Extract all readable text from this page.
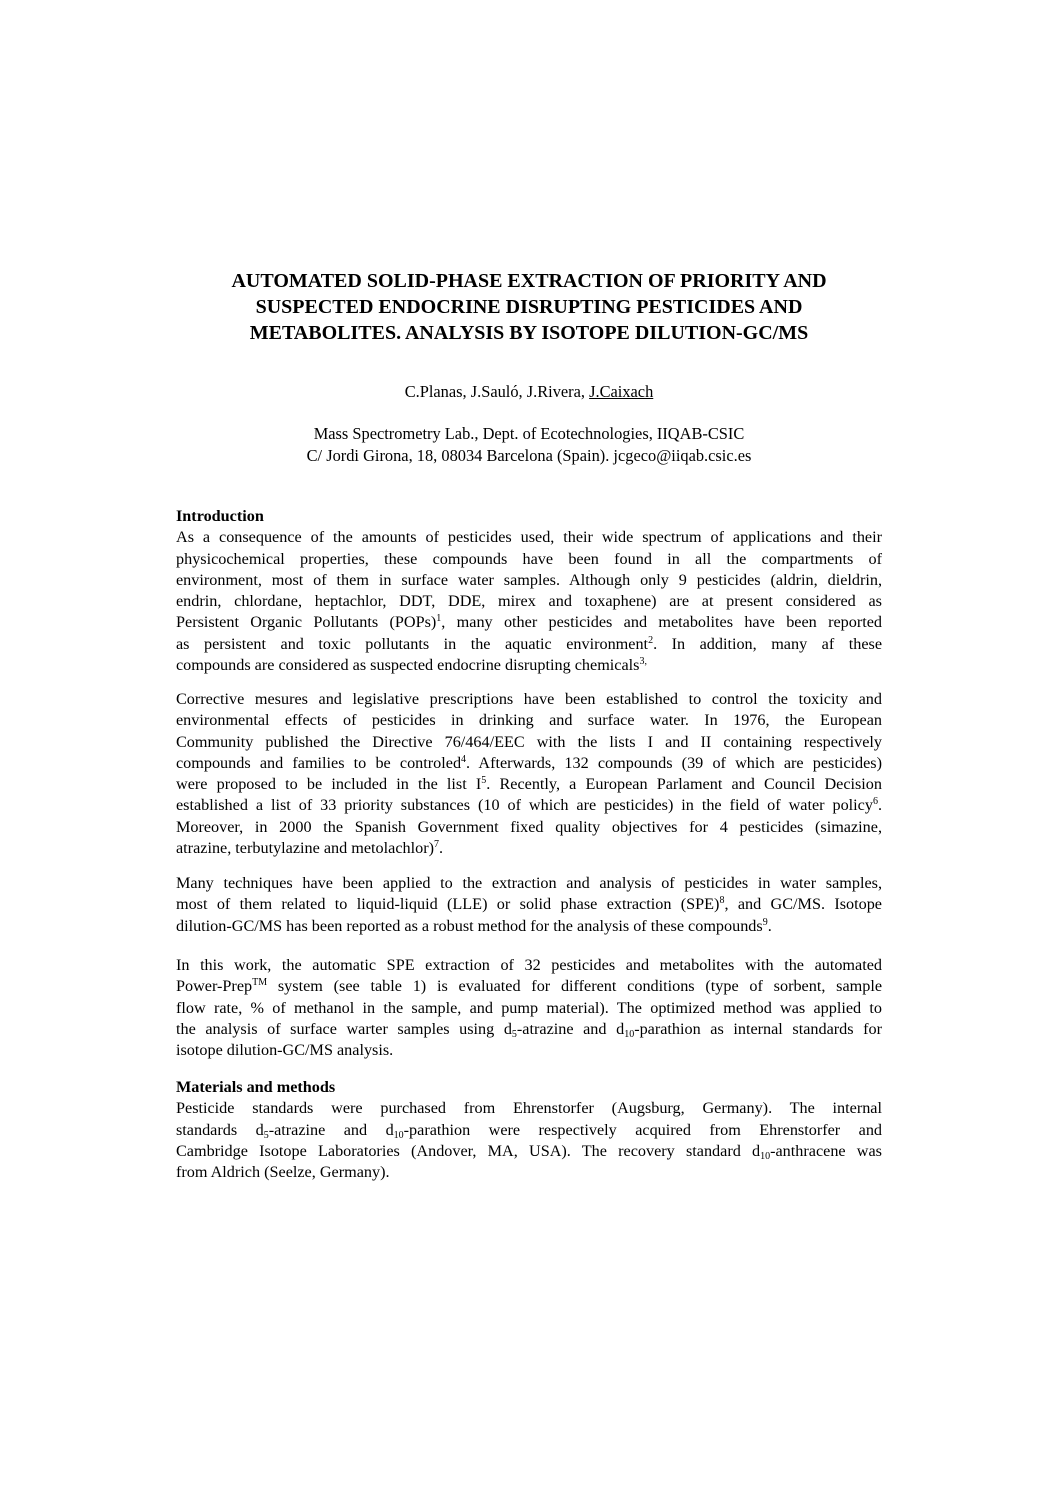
AUTOMATED SOLID-PHASE EXTRACTION OF PRIORITY AND
SUSPECTED ENDOCRINE DISRUPTING PESTICIDES AND
METABOLITES. ANALYSIS BY ISOTOPE DILUTION-GC/MS
C.Planas, J.Sauló, J.Rivera, J.Caixach
Mass Spectrometry Lab., Dept. of Ecotechnologies, IIQAB-CSIC
C/ Jordi Girona, 18, 08034 Barcelona (Spain). jcgeco@iiqab.csic.es
Introduction
As a consequence of the amounts of pesticides used, their wide spectrum of applications and their
physicochemical properties, these compounds have been found in all the compartments of
environment, most of them in surface water samples. Although only 9 pesticides (aldrin, dieldrin,
endrin, chlordane, heptachlor, DDT, DDE, mirex and toxaphene) are at present considered as
Persistent Organic Pollutants (POPs)$^1$, many other pesticides and metabolites have been reported
as persistent and toxic pollutants in the aquatic environment$^2$. In addition, many af these
compounds are considered as suspected endocrine disrupting chemicals$^{3,}$
Corrective mesures and legislative prescriptions have been established to control the toxicity and
environmental effects of pesticides in drinking and surface water. In 1976, the European
Community published the Directive 76/464/EEC with the lists I and II containing respectively
compounds and families to be controled$^4$. Afterwards, 132 compounds (39 of which are pesticides)
were proposed to be included in the list $I^5$. Recently, a European Parlament and Council Decision
established a list of 33 priority substances (10 of which are pesticides) in the field of water policy$^6$.
Moreover, in 2000 the Spanish Government fixed quality objectives for 4 pesticides (simazine,
atrazine, terbutylazine and metolachlor)$^7$.
Many techniques have been applied to the extraction and analysis of pesticides in water samples,
most of them related to liquid-liquid (LLE) or solid phase extraction (SPE)$^8$, and GC/MS. Isotope
dilution-GC/MS has been reported as a robust method for the analysis of these compounds$^9$.
In this work, the automatic SPE extraction of 32 pesticides and metabolites with the automated
Power-Prep™ system (see table 1) is evaluated for different conditions (type of sorbent, sample
flow rate, % of methanol in the sample, and pump material). The optimized method was applied to
the analysis of surface warter samples using $d_5$-atrazine and $d_{10}$-parathion as internal standards for
isotope dilution-GC/MS analysis.
Materials and methods
Pesticide standards were purchased from Ehrenstorfer (Augsburg, Germany). The internal
standards $d_5$-atrazine and $d_{10}$-parathion were respectively acquired from Ehrenstorfer and
Cambridge Isotope Laboratories (Andover, MA, USA). The recovery standard $d_{10}$-anthracene was
from Aldrich (Seelze, Germany).
